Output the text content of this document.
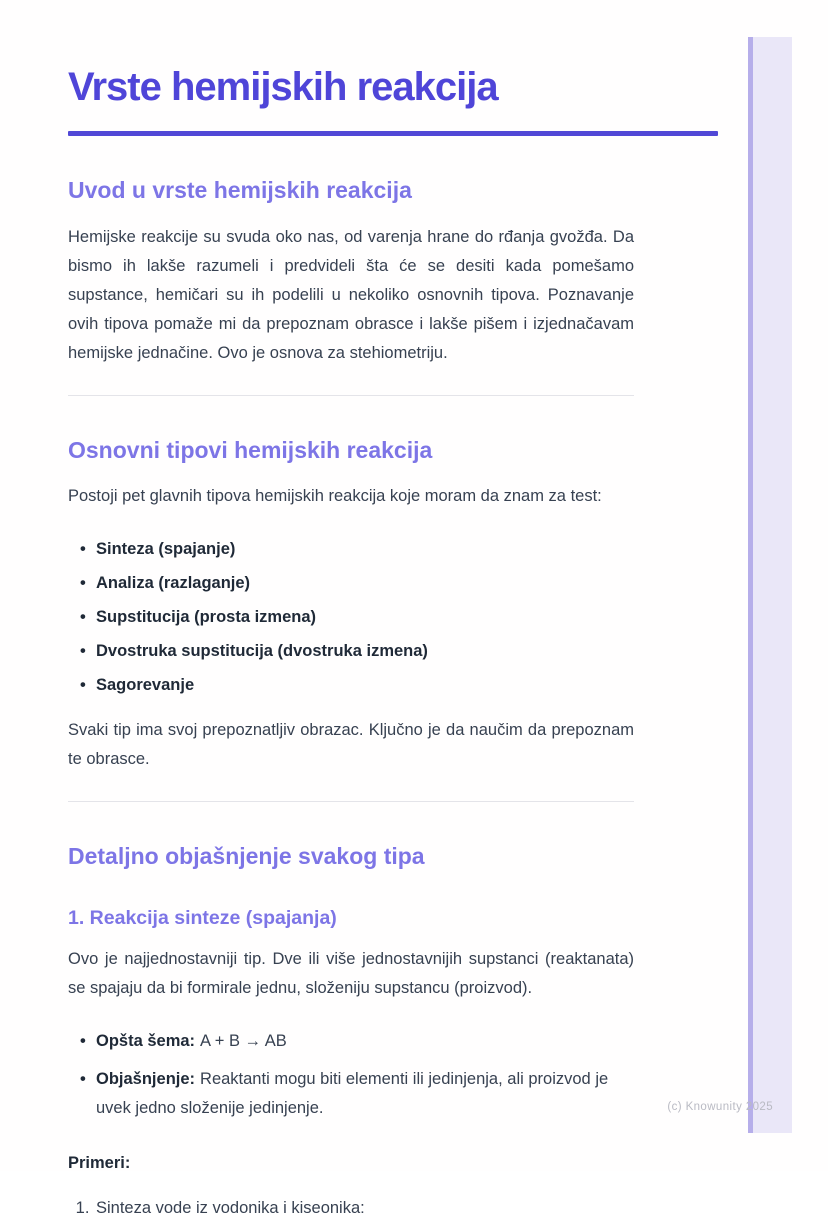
Vrste hemijskih reakcija
Uvod u vrste hemijskih reakcija

Hemijske reakcije su svuda oko nas, od varenja hrane do rđanja gvožđa. Da bismo ih lakše razumeli i predvideli šta će se desiti kada pomešamo supstance, hemičari su ih podelili u nekoliko osnovnih tipova. Poznavanje ovih tipova pomaže mi da prepoznam obrasce i lakše pišem i izjednačavam hemijske jednačine. Ovo je osnova za stehiometriju.

Osnovni tipovi hemijskih reakcija

Postoji pet glavnih tipova hemijskih reakcija koje moram da znam za test:

• Sinteza (spajanje)
• Analiza (razlaganje)
• Supstitucija (prosta izmena)
• Dvostruka supstitucija (dvostruka izmena)
• Sagorevanje

Svaki tip ima svoj prepoznatljiv obrazac. Ključno je da naučim da prepoznam te obrasce.

Detaljno objašnjenje svakog tipa
1. Reakcija sinteze (spajanja)

Ovo je najjednostavniji tip. Dve ili više jednostavnijih supstanci (reaktanata) se spajaju da bi formirale jednu, složeniju supstancu (proizvod).

• Opšta šema: A + B → AB
• Objašnjenje: Reaktanti mogu biti elementi ili jedinjenja, ali proizvod je uvek jedno složenije jedinjenje.

Primeri:

1. Sinteza vode iz vodonika i kiseonika:
(c) Knowunity 2025
